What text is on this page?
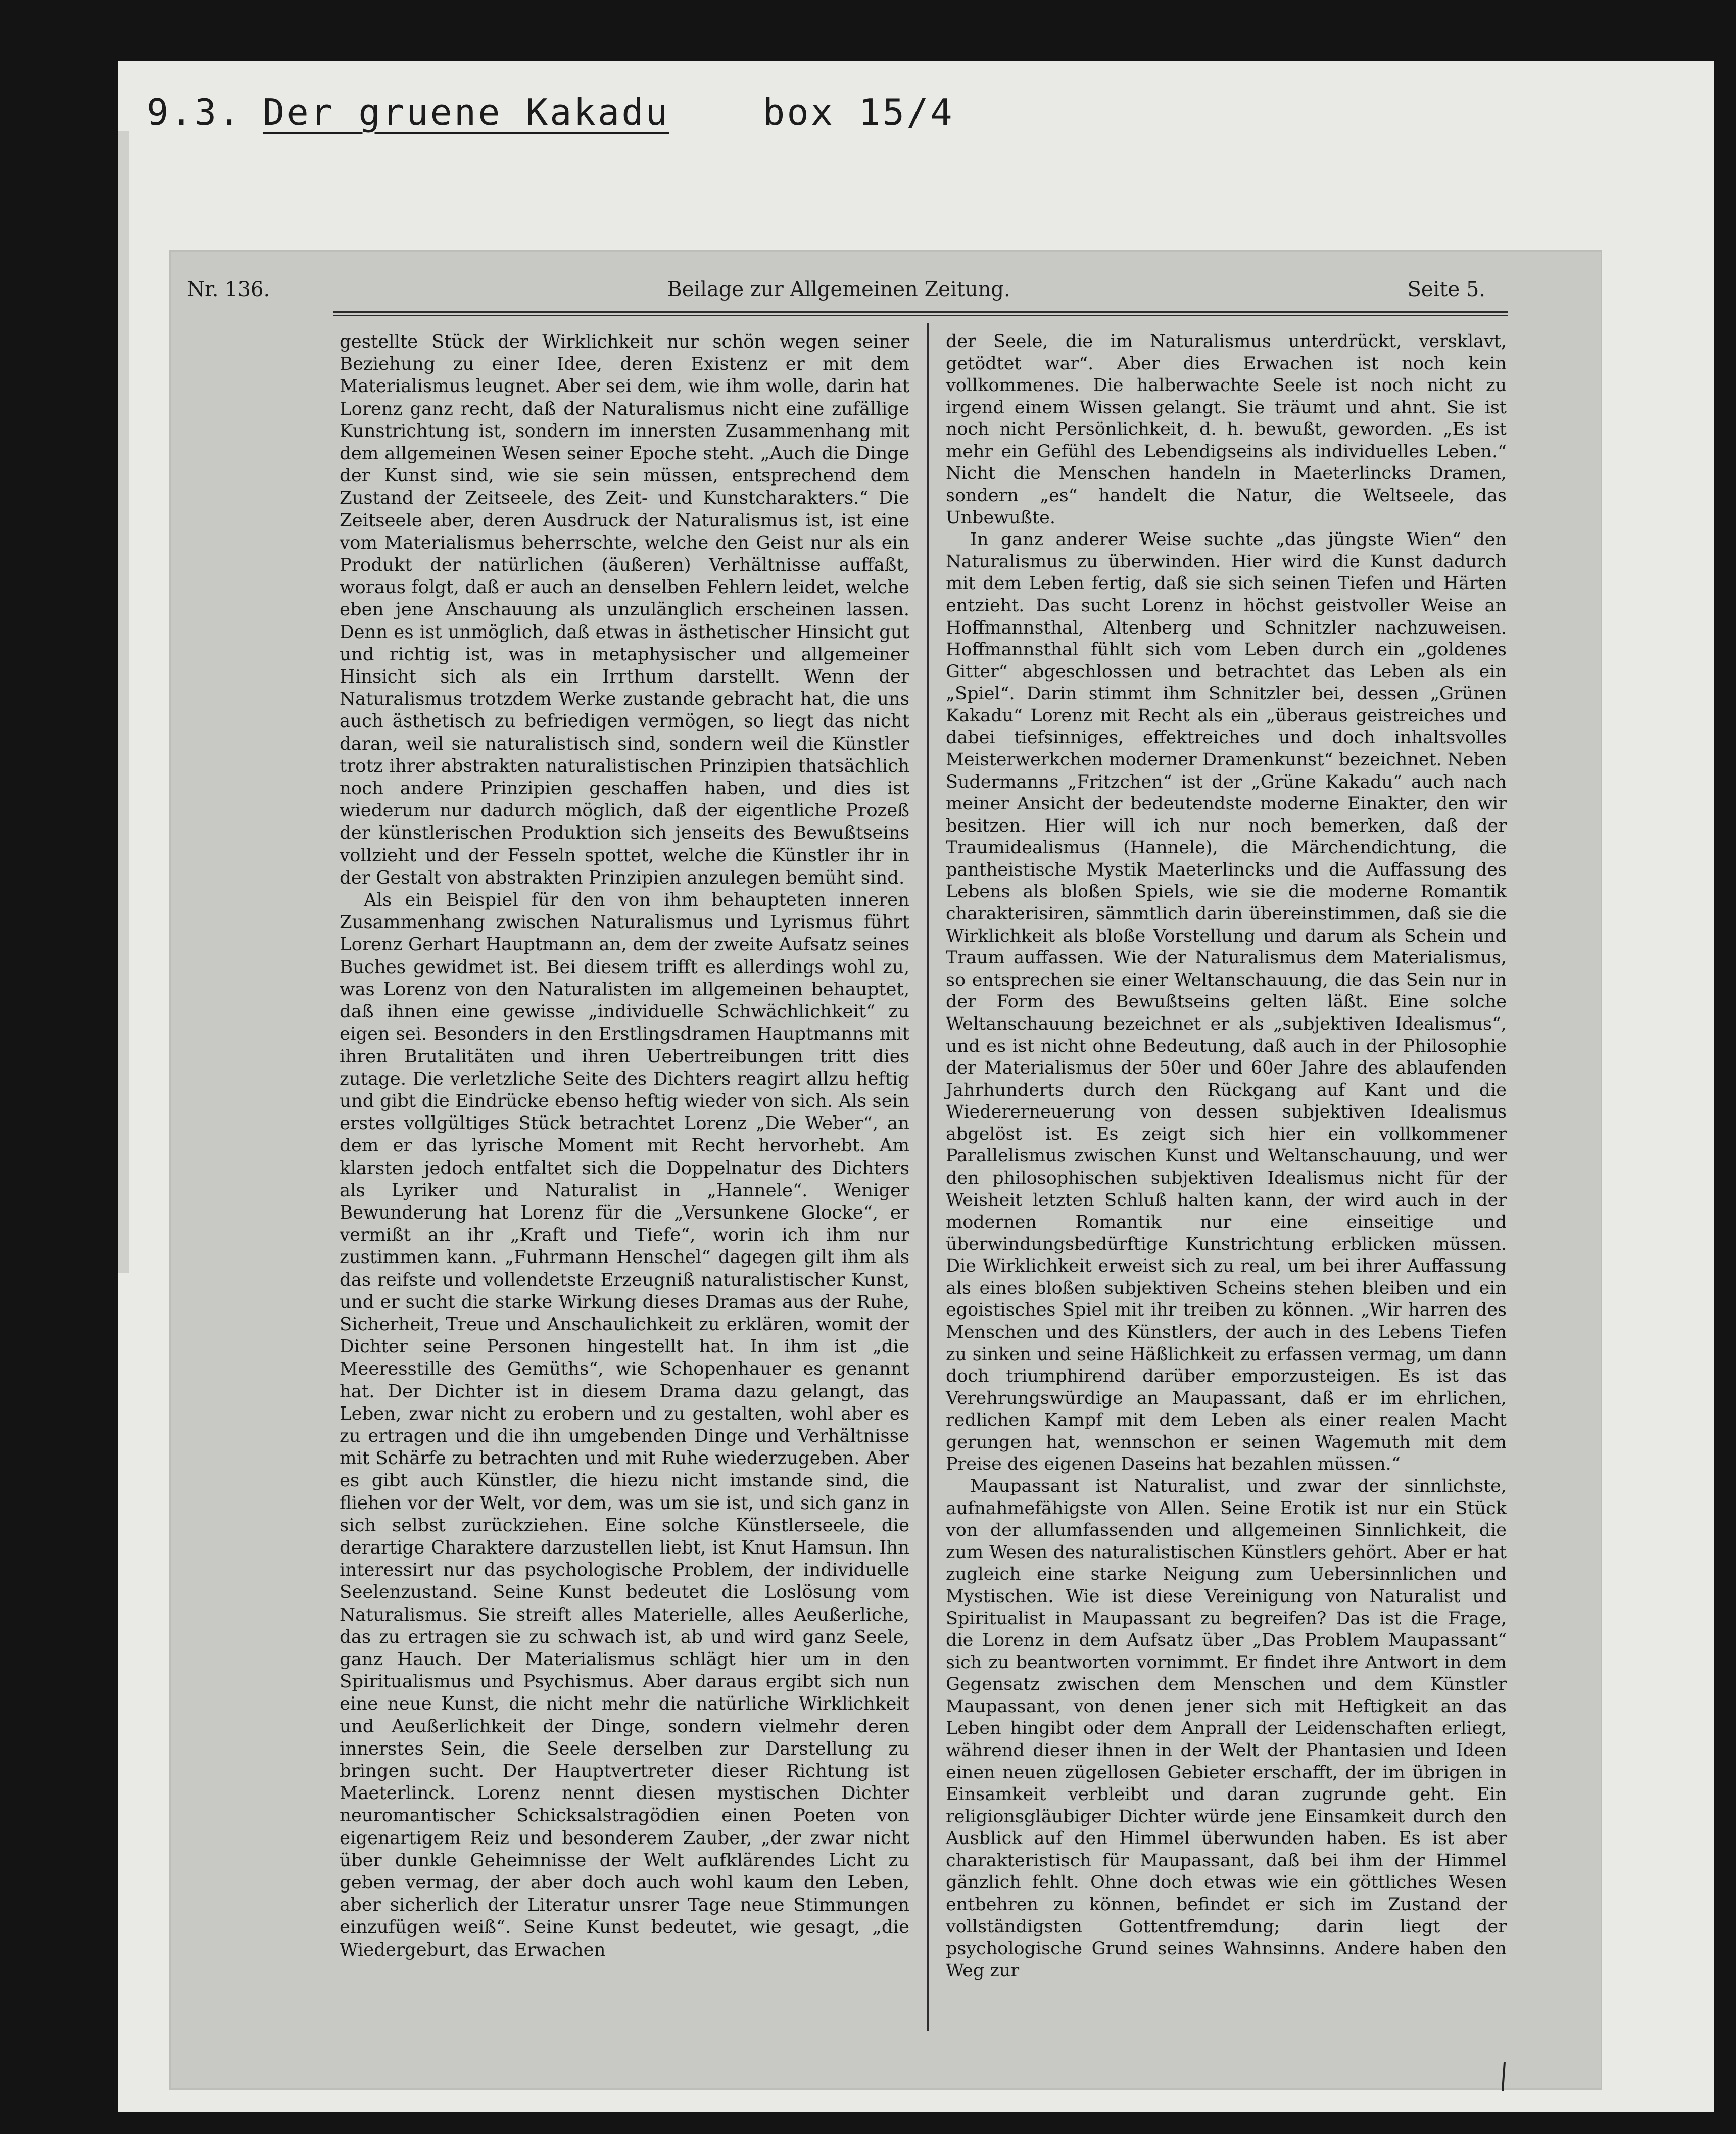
9.3.

Der gruene Kakadu

	box 15/4

Nr. 136.	Beilage zur Allgemeinen Zeitung.	Seite 5.

gestellte Stück der Wirklichkeit nur schön wegen seiner Beziehung zu einer Idee, deren Existenz er mit dem Materialismus leugnet. Aber sei dem, wie ihm wolle, darin hat Lorenz ganz recht, daß der Naturalismus nicht eine zufällige Kunstrichtung ist, sondern im innersten Zusammenhang mit dem allgemeinen Wesen seiner Epoche steht. „Auch die Dinge der Kunst sind, wie sie sein müssen, entsprechend dem Zustand der Zeitseele, des Zeit- und Kunstcharakters.“ Die Zeitseele aber, deren Ausdruck der Naturalismus ist, ist eine vom Materialismus beherrschte, welche den Geist nur als ein Produkt der natürlichen (äußeren) Verhältnisse auffaßt, woraus folgt, daß er auch an denselben Fehlern leidet, welche eben jene Anschauung als unzulänglich erscheinen lassen. Denn es ist unmöglich, daß etwas in ästhetischer Hinsicht gut und richtig ist, was in metaphysischer und allgemeiner Hinsicht sich als ein Irrthum darstellt. Wenn der Naturalismus trotzdem Werke zustande gebracht hat, die uns auch ästhetisch zu befriedigen vermögen, so liegt das nicht daran, weil sie naturalistisch sind, sondern weil die Künstler trotz ihrer abstrakten naturalistischen Prinzipien thatsächlich noch andere Prinzipien geschaffen haben, und dies ist wiederum nur dadurch möglich, daß der eigentliche Prozeß der künstlerischen Produktion sich jenseits des Bewußtseins vollzieht und der Fesseln spottet, welche die Künstler ihr in der Gestalt von abstrakten Prinzipien anzulegen bemüht sind.

Als ein Beispiel für den von ihm behaupteten inneren Zusammenhang zwischen Naturalismus und Lyrismus führt Lorenz Gerhart Hauptmann an, dem der zweite Aufsatz seines Buches gewidmet ist. Bei diesem trifft es allerdings wohl zu, was Lorenz von den Naturalisten im allgemeinen behauptet, daß ihnen eine gewisse „individuelle Schwächlichkeit“ zu eigen sei. Besonders in den Erstlingsdramen Hauptmanns mit ihren Brutalitäten und ihren Uebertreibungen tritt dies zutage. Die verletzliche Seite des Dichters reagirt allzu heftig und gibt die Eindrücke ebenso heftig wieder von sich. Als sein erstes vollgültiges Stück betrachtet Lorenz „Die Weber“, an dem er das lyrische Moment mit Recht hervorhebt. Am klarsten jedoch entfaltet sich die Doppelnatur des Dichters als Lyriker und Naturalist in „Hannele“. Weniger Bewunderung hat Lorenz für die „Versunkene Glocke“, er vermißt an ihr „Kraft und Tiefe“, worin ich ihm nur zustimmen kann. „Fuhrmann Henschel“ dagegen gilt ihm als das reifste und vollendetste Erzeugniß naturalistischer Kunst, und er sucht die starke Wirkung dieses Dramas aus der Ruhe, Sicherheit, Treue und Anschaulichkeit zu erklären, womit der Dichter seine Personen hingestellt hat. In ihm ist „die Meeresstille des Gemüths“, wie Schopenhauer es genannt hat. Der Dichter ist in diesem Drama dazu gelangt, das Leben, zwar nicht zu erobern und zu gestalten, wohl aber es zu ertragen und die ihn umgebenden Dinge und Verhältnisse mit Schärfe zu betrachten und mit Ruhe wiederzugeben. Aber es gibt auch Künstler, die hiezu nicht imstande sind, die fliehen vor der Welt, vor dem, was um sie ist, und sich ganz in sich selbst zurückziehen. Eine solche Künstlerseele, die derartige Charaktere darzustellen liebt, ist Knut Hamsun. Ihn interessirt nur das psychologische Problem, der individuelle Seelenzustand. Seine Kunst bedeutet die Loslösung vom Naturalismus. Sie streift alles Materielle, alles Aeußerliche, das zu ertragen sie zu schwach ist, ab und wird ganz Seele, ganz Hauch. Der Materialismus schlägt hier um in den Spiritualismus und Psychismus. Aber daraus ergibt sich nun eine neue Kunst, die nicht mehr die natürliche Wirklichkeit und Aeußerlichkeit der Dinge, sondern vielmehr deren innerstes Sein, die Seele derselben zur Darstellung zu bringen sucht. Der Hauptvertreter dieser Richtung ist Maeterlinck. Lorenz nennt diesen mystischen Dichter neuromantischer Schicksalstragödien einen Poeten von eigenartigem Reiz und besonderem Zauber, „der zwar nicht über dunkle Geheimnisse der Welt aufklärendes Licht zu geben vermag, der aber doch auch wohl kaum den Leben, aber sicherlich der Literatur unsrer Tage neue Stimmungen einzufügen weiß“. Seine Kunst bedeutet, wie gesagt, „die Wiedergeburt, das Erwachen

der Seele, die im Naturalismus unterdrückt, versklavt, getödtet war“. Aber dies Erwachen ist noch kein vollkommenes. Die halberwachte Seele ist noch nicht zu irgend einem Wissen gelangt. Sie träumt und ahnt. Sie ist noch nicht Persönlichkeit, d. h. bewußt, geworden. „Es ist mehr ein Gefühl des Lebendigseins als individuelles Leben.“ Nicht die Menschen handeln in Maeterlincks Dramen, sondern „es“ handelt die Natur, die Weltseele, das Unbewußte.

In ganz anderer Weise suchte „das jüngste Wien“ den Naturalismus zu überwinden. Hier wird die Kunst dadurch mit dem Leben fertig, daß sie sich seinen Tiefen und Härten entzieht. Das sucht Lorenz in höchst geistvoller Weise an Hoffmannsthal, Altenberg und Schnitzler nachzuweisen. Hoffmannsthal fühlt sich vom Leben durch ein „goldenes Gitter“ abgeschlossen und betrachtet das Leben als ein „Spiel“. Darin stimmt ihm Schnitzler bei, dessen „Grünen Kakadu“ Lorenz mit Recht als ein „überaus geistreiches und dabei tiefsinniges, effektreiches und doch inhaltsvolles Meisterwerkchen moderner Dramenkunst“ bezeichnet. Neben Sudermanns „Fritzchen“ ist der „Grüne Kakadu“ auch nach meiner Ansicht der bedeutendste moderne Einakter, den wir besitzen. Hier will ich nur noch bemerken, daß der Traumidealismus (Hannele), die Märchendichtung, die pantheistische Mystik Maeterlincks und die Auffassung des Lebens als bloßen Spiels, wie sie die moderne Romantik charakterisiren, sämmtlich darin übereinstimmen, daß sie die Wirklichkeit als bloße Vorstellung und darum als Schein und Traum auffassen. Wie der Naturalismus dem Materialismus, so entsprechen sie einer Weltanschauung, die das Sein nur in der Form des Bewußtseins gelten läßt. Eine solche Weltanschauung bezeichnet er als „subjektiven Idealismus“, und es ist nicht ohne Bedeutung, daß auch in der Philosophie der Materialismus der 50er und 60er Jahre des ablaufenden Jahrhunderts durch den Rückgang auf Kant und die Wiedererneuerung von dessen subjektiven Idealismus abgelöst ist. Es zeigt sich hier ein vollkommener Parallelismus zwischen Kunst und Weltanschauung, und wer den philosophischen subjektiven Idealismus nicht für der Weisheit letzten Schluß halten kann, der wird auch in der modernen Romantik nur eine einseitige und überwindungsbedürftige Kunstrichtung erblicken müssen. Die Wirklichkeit erweist sich zu real, um bei ihrer Auffassung als eines bloßen subjektiven Scheins stehen bleiben und ein egoistisches Spiel mit ihr treiben zu können. „Wir harren des Menschen und des Künstlers, der auch in des Lebens Tiefen zu sinken und seine Häßlichkeit zu erfassen vermag, um dann doch triumphirend darüber emporzusteigen. Es ist das Verehrungswürdige an Maupassant, daß er im ehrlichen, redlichen Kampf mit dem Leben als einer realen Macht gerungen hat, wennschon er seinen Wagemuth mit dem Preise des eigenen Daseins hat bezahlen müssen.“

Maupassant ist Naturalist, und zwar der sinnlichste, aufnahmefähigste von Allen. Seine Erotik ist nur ein Stück von der allumfassenden und allgemeinen Sinnlichkeit, die zum Wesen des naturalistischen Künstlers gehört. Aber er hat zugleich eine starke Neigung zum Uebersinnlichen und Mystischen. Wie ist diese Vereinigung von Naturalist und Spiritualist in Maupassant zu begreifen? Das ist die Frage, die Lorenz in dem Aufsatz über „Das Problem Maupassant“ sich zu beantworten vornimmt. Er findet ihre Antwort in dem Gegensatz zwischen dem Menschen und dem Künstler Maupassant, von denen jener sich mit Heftigkeit an das Leben hingibt oder dem Anprall der Leidenschaften erliegt, während dieser ihnen in der Welt der Phantasien und Ideen einen neuen zügellosen Gebieter erschafft, der im übrigen in Einsamkeit verbleibt und daran zugrunde geht. Ein religionsgläubiger Dichter würde jene Einsamkeit durch den Ausblick auf den Himmel überwunden haben. Es ist aber charakteristisch für Maupassant, daß bei ihm der Himmel gänzlich fehlt. Ohne doch etwas wie ein göttliches Wesen entbehren zu können, befindet er sich im Zustand der vollständigsten Gottentfremdung; darin liegt der psychologische Grund seines Wahnsinns. Andere haben den Weg zur
